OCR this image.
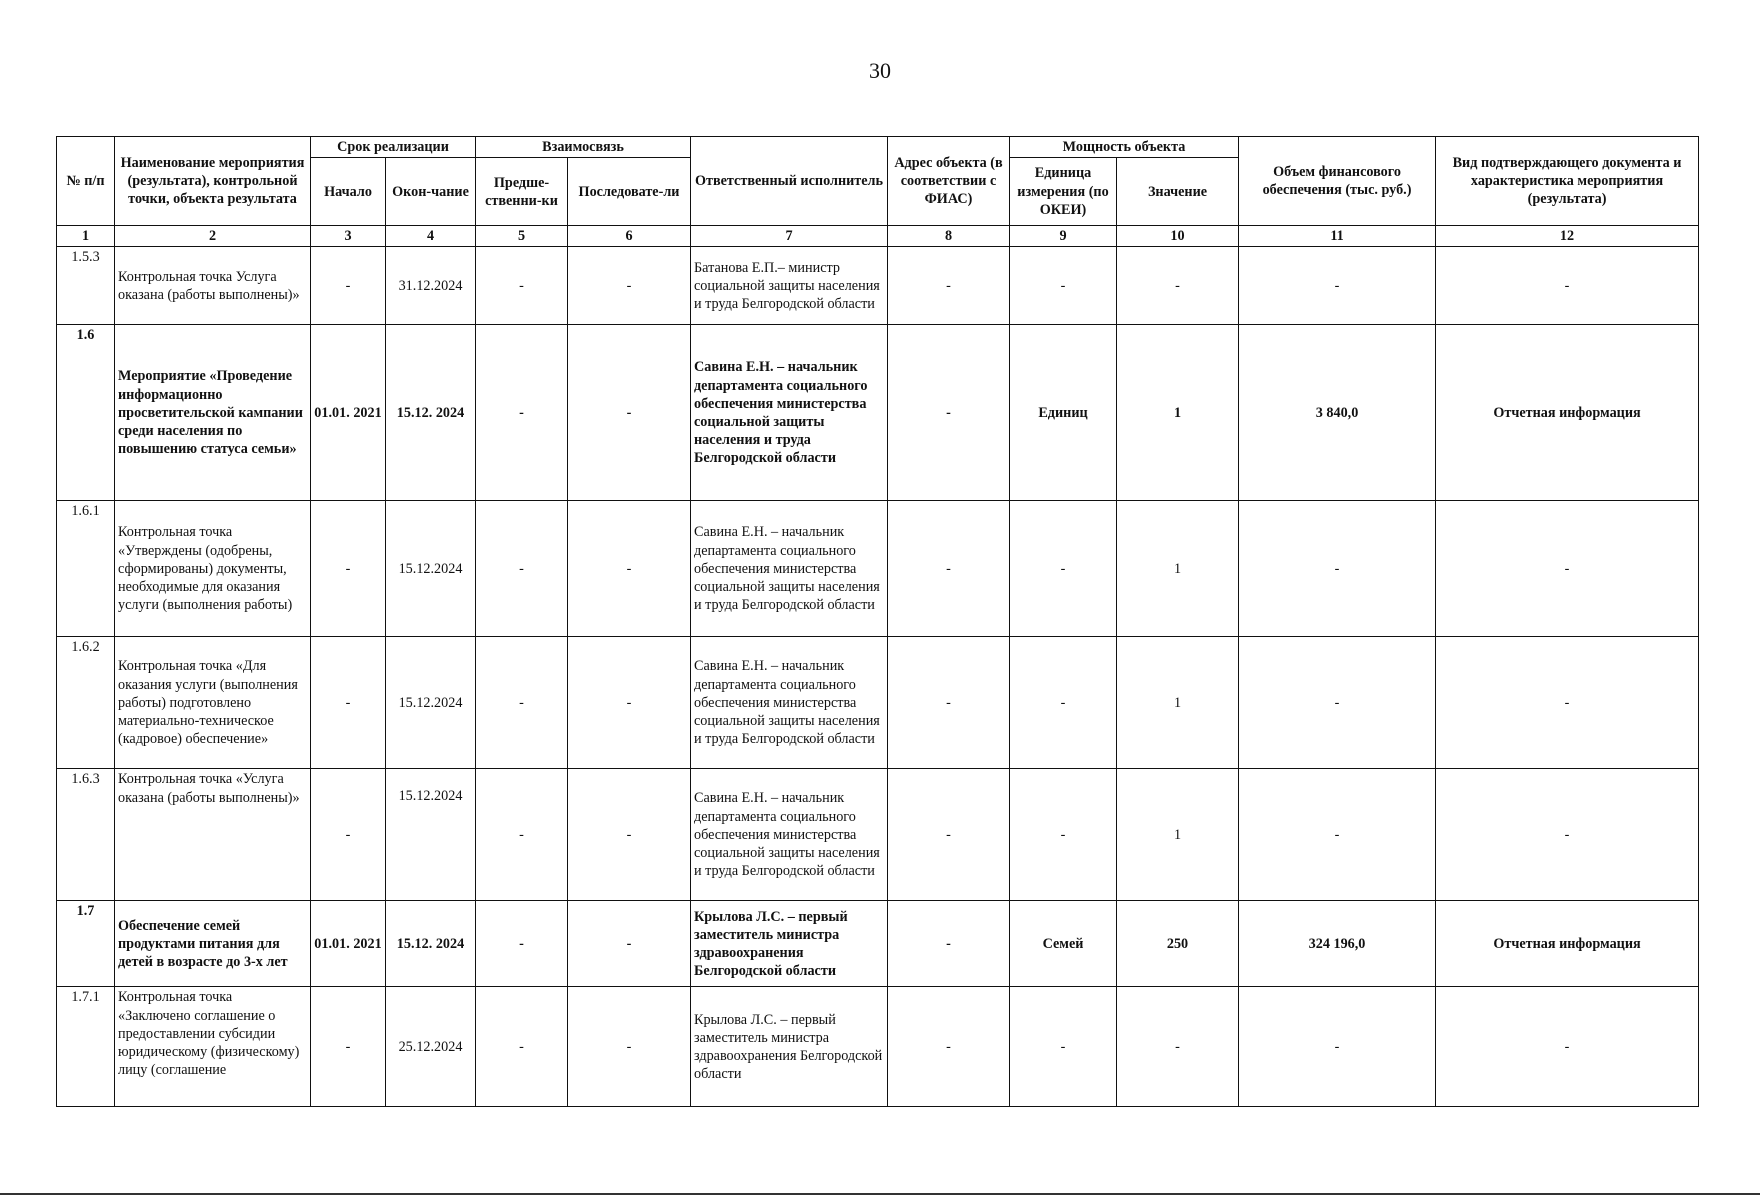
30
№ п/п	Наименование мероприятия (результата), контрольной точки, объекта результата	Срок реализации		Взаимосвязь		Ответственный исполнитель	Адрес объекта (в соответствии с ФИАС)	Мощность объекта		Объем финансового обеспечения (тыс. руб.)	Вид подтверждающего документа и характеристика мероприятия (результата)
		Начало	Окон-чание	Предше-ственни-ки	Последовате-ли			Единица измерения (по ОКЕИ)	Значение		
1	2	3	4	5	6	7	8	9	10	11	12
1.5.3	Контрольная точка Услуга оказана (работы выполнены)»	-	31.12.2024	-	-	Батанова Е.П.– министр социальной защиты населения и труда Белгородской области	-	-	-	-	-
1.6	Мероприятие «Проведение информационно просветительской кампании среди населения по повышению статуса семьи»	01.01. 2021	15.12. 2024	-	-	Савина Е.Н. – начальник департамента социального обеспечения министерства социальной защиты населения и труда Белгородской области	-	Единиц	1	3 840,0	Отчетная информация
1.6.1	Контрольная точка «Утверждены (одобрены, сформированы) документы, необходимые для оказания услуги (выполнения работы)	-	15.12.2024	-	-	Савина Е.Н. – начальник департамента социального обеспечения министерства социальной защиты населения и труда Белгородской области	-	-	1	-	-
1.6.2	Контрольная точка «Для оказания услуги (выполнения работы) подготовлено материально-техническое (кадровое) обеспечение»	-	15.12.2024	-	-	Савина Е.Н. – начальник департамента социального обеспечения министерства социальной защиты населения и труда Белгородской области	-	-	1	-	-
1.6.3	Контрольная точка «Услуга оказана (работы выполнены)»	-	15.12.2024	-	-	Савина Е.Н. – начальник департамента социального обеспечения министерства социальной защиты населения и труда Белгородской области	-	-	1	-	-
1.7	Обеспечение семей продуктами питания для детей в возрасте до 3-х лет	01.01. 2021	15.12. 2024	-	-	Крылова Л.С. – первый заместитель министра здравоохранения Белгородской области	-	Семей	250	324 196,0	Отчетная информация
1.7.1	Контрольная точка «Заключено соглашение о предоставлении субсидии юридическому (физическому) лицу (соглашение	-	25.12.2024	-	-	Крылова Л.С. – первый заместитель министра здравоохранения Белгородской области	-	-	-	-	-
